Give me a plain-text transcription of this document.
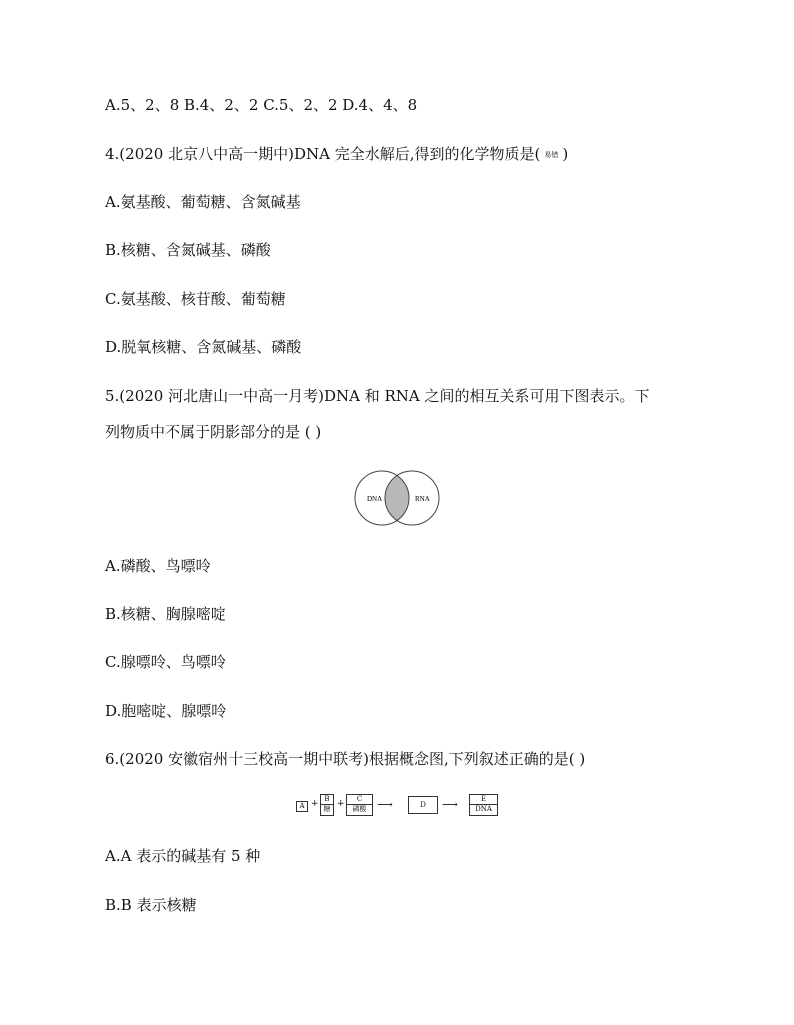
A.5、2、8 B.4、2、2 C.5、2、2 D.4、4、8
4.(2020 北京八中高一期中)DNA 完全水解后,得到的化学物质是( 易错 )
A.氨基酸、葡萄糖、含氮碱基
B.核糖、含氮碱基、磷酸
C.氨基酸、核苷酸、葡萄糖
D.脱氧核糖、含氮碱基、磷酸
5.(2020 河北唐山一中高一月考)DNA 和 RNA 之间的相互关系可用下图表示。下
列物质中不属于阴影部分的是 ( )
DNA	RNA
A.磷酸、鸟嘌呤
B.核糖、胸腺嘧啶
C.腺嘌呤、鸟嘌呤
D.胞嘧啶、腺嘌呤
6.(2020 安徽宿州十三校高一期中联考)根据概念图,下列叙述正确的是( )
A + B
糖 +	C
磷酸 ⟶	D	⟶	E
DNA
A.A 表示的碱基有 5 种
B.B 表示核糖
